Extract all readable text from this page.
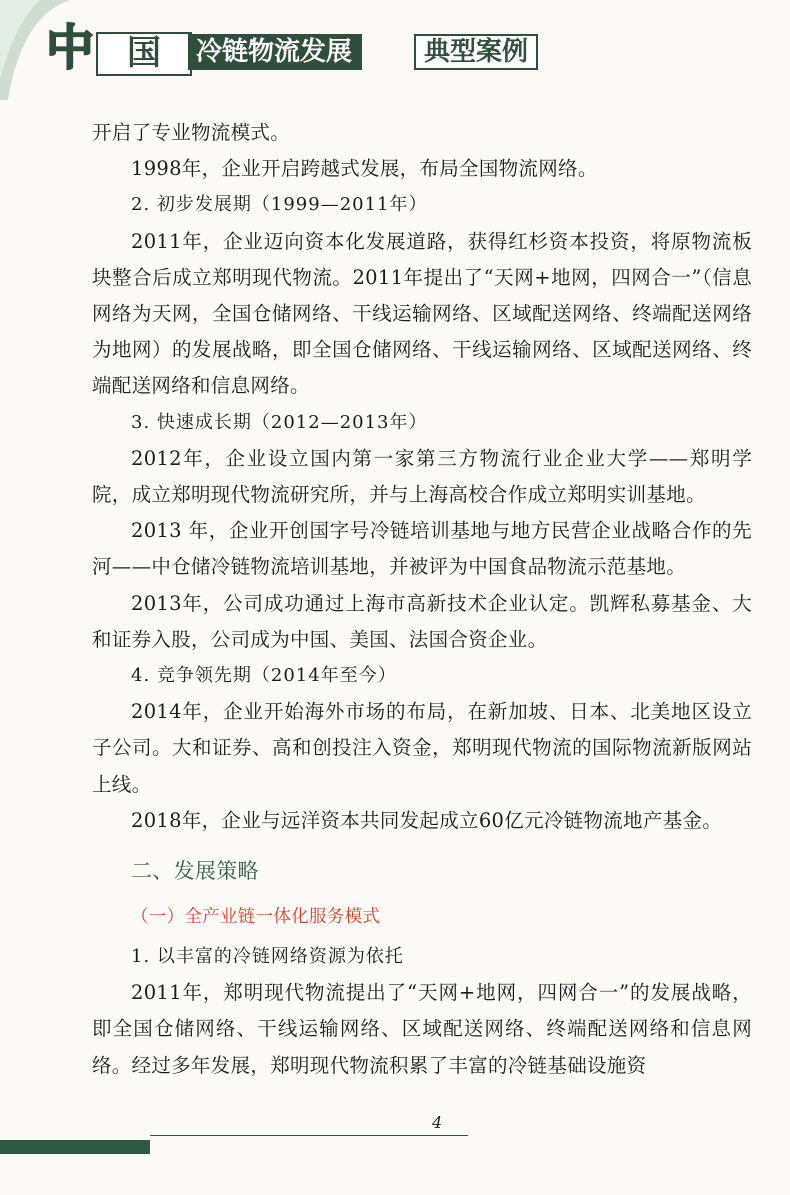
中 国	冷链物流发展	典型案例

开启了专业物流模式。

1998年，企业开启跨越式发展，布局全国物流网络。

2. 初步发展期（1999—2011年）

2011年，企业迈向资本化发展道路，获得红杉资本投资，将原物流板块整合后成立郑明现代物流。2011年提出了“天网+地网，四网合一”（信息网络为天网，全国仓储网络、干线运输网络、区域配送网络、终端配送网络为地网）的发展战略，即全国仓储网络、干线运输网络、区域配送网络、终端配送网络和信息网络。

3. 快速成长期（2012—2013年）

2012年，企业设立国内第一家第三方物流行业企业大学——郑明学院，成立郑明现代物流研究所，并与上海高校合作成立郑明实训基地。

2013 年，企业开创国字号冷链培训基地与地方民营企业战略合作的先河——中仓储冷链物流培训基地，并被评为中国食品物流示范基地。

2013年，公司成功通过上海市高新技术企业认定。凯辉私募基金、大和证券入股，公司成为中国、美国、法国合资企业。

4. 竞争领先期（2014年至今）

2014年，企业开始海外市场的布局，在新加坡、日本、北美地区设立子公司。大和证券、高和创投注入资金，郑明现代物流的国际物流新版网站上线。

2018年，企业与远洋资本共同发起成立60亿元冷链物流地产基金。

二、发展策略

（一）全产业链一体化服务模式

1. 以丰富的冷链网络资源为依托

2011年，郑明现代物流提出了“天网+地网，四网合一”的发展战略，即全国仓储网络、干线运输网络、区域配送网络、终端配送网络和信息网络。经过多年发展，郑明现代物流积累了丰富的冷链基础设施资

4
